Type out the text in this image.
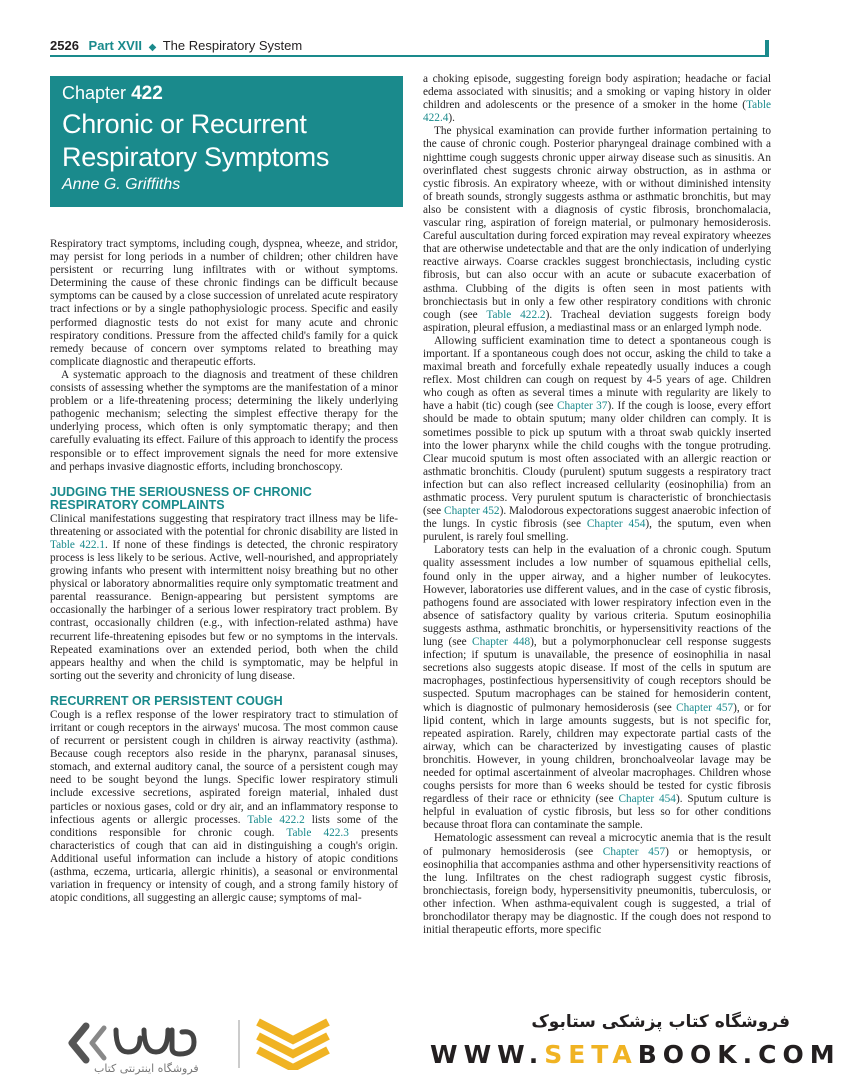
2526 Part XVII ◆ The Respiratory System
Chapter 422
Chronic or Recurrent
Respiratory Symptoms
Anne G. Griffiths

Respiratory tract symptoms, including cough, dyspnea, wheeze, and stridor, may persist for long periods in a number of children; other children have persistent or recurring lung infiltrates with or without symptoms. Determining the cause of these chronic findings can be difficult because symptoms can be caused by a close succession of unrelated acute respiratory tract infections or by a single pathophysiologic process. Specific and easily performed diagnostic tests do not exist for many acute and chronic respiratory conditions. Pressure from the affected child's family for a quick remedy because of concern over symptoms related to breathing may complicate diagnostic and therapeutic efforts.

A systematic approach to the diagnosis and treatment of these children consists of assessing whether the symptoms are the manifestation of a minor problem or a life-threatening process; determining the likely underlying pathogenic mechanism; selecting the simplest effective therapy for the underlying process, which often is only symptomatic therapy; and then carefully evaluating its effect. Failure of this approach to identify the process responsible or to effect improvement signals the need for more extensive and perhaps invasive diagnostic efforts, including bronchoscopy.

JUDGING THE SERIOUSNESS OF CHRONIC
RESPIRATORY COMPLAINTS

Clinical manifestations suggesting that respiratory tract illness may be life-threatening or associated with the potential for chronic disability are listed in Table 422.1. If none of these findings is detected, the chronic respiratory process is less likely to be serious. Active, well-nourished, and appropriately growing infants who present with intermittent noisy breathing but no other physical or laboratory abnormalities require only symptomatic treatment and parental reassurance. Benign-appearing but persistent symptoms are occasionally the harbinger of a serious lower respiratory tract problem. By contrast, occasionally children (e.g., with infection-related asthma) have recurrent life-threatening episodes but few or no symptoms in the intervals. Repeated examinations over an extended period, both when the child appears healthy and when the child is symptomatic, may be helpful in sorting out the severity and chronicity of lung disease.

RECURRENT OR PERSISTENT COUGH

Cough is a reflex response of the lower respiratory tract to stimulation of irritant or cough receptors in the airways' mucosa. The most common cause of recurrent or persistent cough in children is airway reactivity (asthma). Because cough receptors also reside in the pharynx, paranasal sinuses, stomach, and external auditory canal, the source of a persistent cough may need to be sought beyond the lungs. Specific lower respiratory stimuli include excessive secretions, aspirated foreign material, inhaled dust particles or noxious gases, cold or dry air, and an inflammatory response to infectious agents or allergic processes. Table 422.2 lists some of the conditions responsible for chronic cough. Table 422.3 presents characteristics of cough that can aid in distinguishing a cough's origin. Additional useful information can include a history of atopic conditions (asthma, eczema, urticaria, allergic rhinitis), a seasonal or environmental variation in frequency or intensity of cough, and a strong family history of atopic conditions, all suggesting an allergic cause; symptoms of mal-

a choking episode, suggesting foreign body aspiration; headache or facial edema associated with sinusitis; and a smoking or vaping history in older children and adolescents or the presence of a smoker in the home (Table 422.4).

The physical examination can provide further information pertaining to the cause of chronic cough. Posterior pharyngeal drainage combined with a nighttime cough suggests chronic upper airway disease such as sinusitis. An overinflated chest suggests chronic airway obstruction, as in asthma or cystic fibrosis. An expiratory wheeze, with or without diminished intensity of breath sounds, strongly suggests asthma or asthmatic bronchitis, but may also be consistent with a diagnosis of cystic fibrosis, bronchomalacia, vascular ring, aspiration of foreign material, or pulmonary hemosiderosis. Careful auscultation during forced expiration may reveal expiratory wheezes that are otherwise undetectable and that are the only indication of underlying reactive airways. Coarse crackles suggest bronchiectasis, including cystic fibrosis, but can also occur with an acute or subacute exacerbation of asthma. Clubbing of the digits is often seen in most patients with bronchiectasis but in only a few other respiratory conditions with chronic cough (see Table 422.2). Tracheal deviation suggests foreign body aspiration, pleural effusion, a mediastinal mass or an enlarged lymph node.

Allowing sufficient examination time to detect a spontaneous cough is important. If a spontaneous cough does not occur, asking the child to take a maximal breath and forcefully exhale repeatedly usually induces a cough reflex. Most children can cough on request by 4-5 years of age. Children who cough as often as several times a minute with regularity are likely to have a habit (tic) cough (see Chapter 37). If the cough is loose, every effort should be made to obtain sputum; many older children can comply. It is sometimes possible to pick up sputum with a throat swab quickly inserted into the lower pharynx while the child coughs with the tongue protruding. Clear mucoid sputum is most often associated with an allergic reaction or asthmatic bronchitis. Cloudy (purulent) sputum suggests a respiratory tract infection but can also reflect increased cellularity (eosinophilia) from an asthmatic process. Very purulent sputum is characteristic of bronchiectasis (see Chapter 452). Malodorous expectorations suggest anaerobic infection of the lungs. In cystic fibrosis (see Chapter 454), the sputum, even when purulent, is rarely foul smelling.

Laboratory tests can help in the evaluation of a chronic cough. Sputum quality assessment includes a low number of squamous epithelial cells, found only in the upper airway, and a higher number of leukocytes. However, laboratories use different values, and in the case of cystic fibrosis, pathogens found are associated with lower respiratory infection even in the absence of satisfactory quality by various criteria. Sputum eosinophilia suggests asthma, asthmatic bronchitis, or hypersensitivity reactions of the lung (see Chapter 448), but a polymorphonuclear cell response suggests infection; if sputum is unavailable, the presence of eosinophilia in nasal secretions also suggests atopic disease. If most of the cells in sputum are macrophages, postinfectious hypersensitivity of cough receptors should be suspected. Sputum macrophages can be stained for hemosiderin content, which is diagnostic of pulmonary hemosiderosis (see Chapter 457), or for lipid content, which in large amounts suggests, but is not specific for, repeated aspiration. Rarely, children may expectorate partial casts of the airway, which can be characterized by investigating causes of plastic bronchitis. However, in young children, bronchoalveolar lavage may be needed for optimal ascertainment of alveolar macrophages. Children whose coughs persists for more than 6 weeks should be tested for cystic fibrosis regardless of their race or ethnicity (see Chapter 454). Sputum culture is helpful in evaluation of cystic fibrosis, but less so for other conditions because throat flora can contaminate the sample.

Hematologic assessment can reveal a microcytic anemia that is the result of pulmonary hemosiderosis (see Chapter 457) or hemoptysis, or eosinophilia that accompanies asthma and other hypersensitivity reactions of the lung. Infiltrates on the chest radiograph suggest cystic fibrosis, bronchiectasis, foreign body, hypersensitivity pneumonitis, tuberculosis, or other infection. When asthma-equivalent cough is suggested, a trial of bronchodilator therapy may be diagnostic. If the cough does not respond to initial therapeutic efforts, more specific

فروشگاه اینترنتی کتاب
فروشگاه کتاب پزشکی ستابوک
WWW.SETABOOK.COM
